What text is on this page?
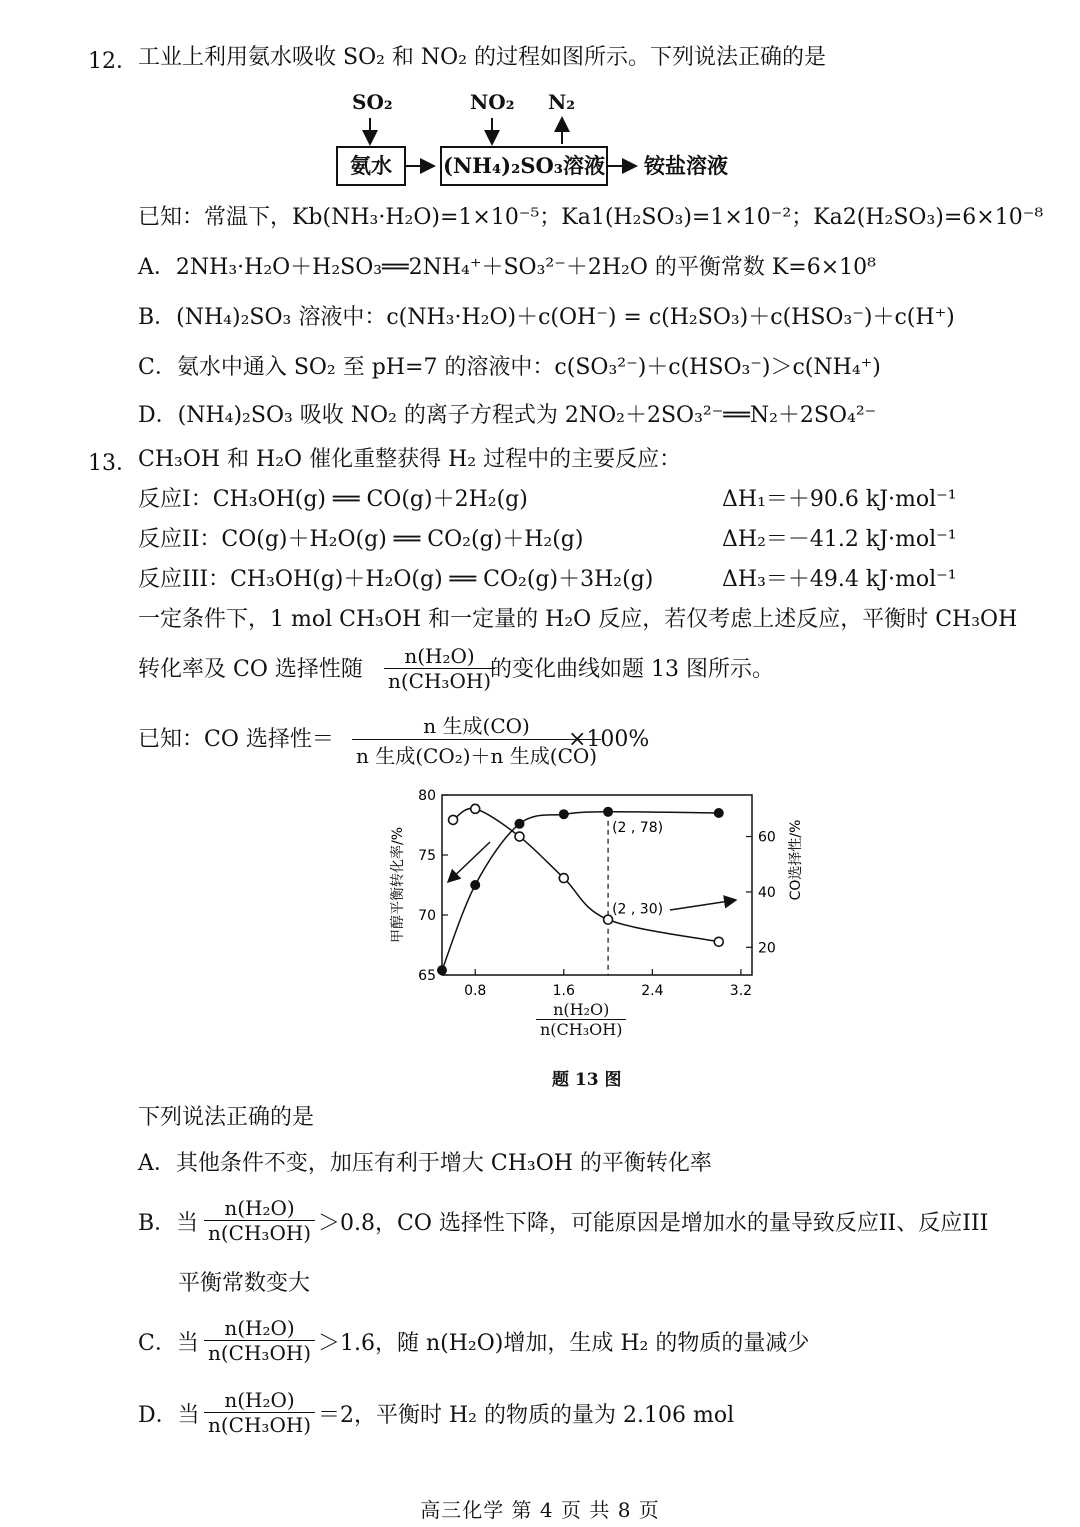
12． 工业上利用氨水吸收 SO₂ 和 NO₂ 的过程如图所示。下列说法正确的是
SO₂	NO₂ N₂
氨水	(NH₄)₂SO₃溶液 铵盐溶液
已知：常温下，Kb(NH₃·H₂O)=1×10⁻⁵；Ka1(H₂SO₃)=1×10⁻²；Ka2(H₂SO₃)=6×10⁻⁸
A．2NH₃·H₂O＋H₂SO₃══2NH₄⁺＋SO₃²⁻＋2H₂O 的平衡常数 K=6×10⁸
B．(NH₄)₂SO₃ 溶液中：c(NH₃·H₂O)＋c(OH⁻) = c(H₂SO₃)＋c(HSO₃⁻)＋c(H⁺)
C．氨水中通入 SO₂ 至 pH=7 的溶液中：c(SO₃²⁻)＋c(HSO₃⁻)＞c(NH₄⁺)
D．(NH₄)₂SO₃ 吸收 NO₂ 的离子方程式为 2NO₂＋2SO₃²⁻══N₂＋2SO₄²⁻
13． CH₃OH 和 H₂O 催化重整获得 H₂ 过程中的主要反应：
反应I：CH₃OH(g) ══ CO(g)＋2H₂(g)	ΔH₁＝＋90.6 kJ·mol⁻¹
反应II：CO(g)＋H₂O(g) ══ CO₂(g)＋H₂(g)	ΔH₂＝－41.2 kJ·mol⁻¹
反应III：CH₃OH(g)＋H₂O(g) ══ CO₂(g)＋3H₂(g)	ΔH₃＝＋49.4 kJ·mol⁻¹
一定条件下，1 mol CH₃OH 和一定量的 H₂O 反应，若仅考虑上述反应，平衡时 CH₃OH
转化率及 CO 选择性随 $\frac{\text{n(H₂O)}}{\text{n(CH₃OH)}}$
的变化曲线如题 13 图所示。
已知：CO 选择性＝
n 生成(CO)
n 生成(CO₂)＋n 生成(CO)
×100%
65
70
75
80
20
40
60
0.8	1.6	2.4	3.2
(2 , 78)
(2 , 30)
甲醇平衡转化率/%	CO选择性/%
$\frac{\text{n(H₂O)}}{\text{n(CH₃OH)}}$
题 13 图
下列说法正确的是
A．其他条件不变，加压有利于增大 CH₃OH 的平衡转化率
B．当 $\frac{\text{n(H₂O)}}{\text{n(CH₃OH)}} >0.8$，CO 选择性下降，可能原因是增加水的量导致反应II、反应III
平衡常数变大
C．当 $\frac{\text{n(H₂O)}}{\text{n(CH₃OH)}} >1.6$，随 n(H₂O)增加，生成 H₂ 的物质的量减少
D．当 $\frac{\text{n(H₂O)}}{\text{n(CH₃OH)}} =2$，平衡时 H₂ 的物质的量为 2.106 mol
高三化学 第 4 页 共 8 页
